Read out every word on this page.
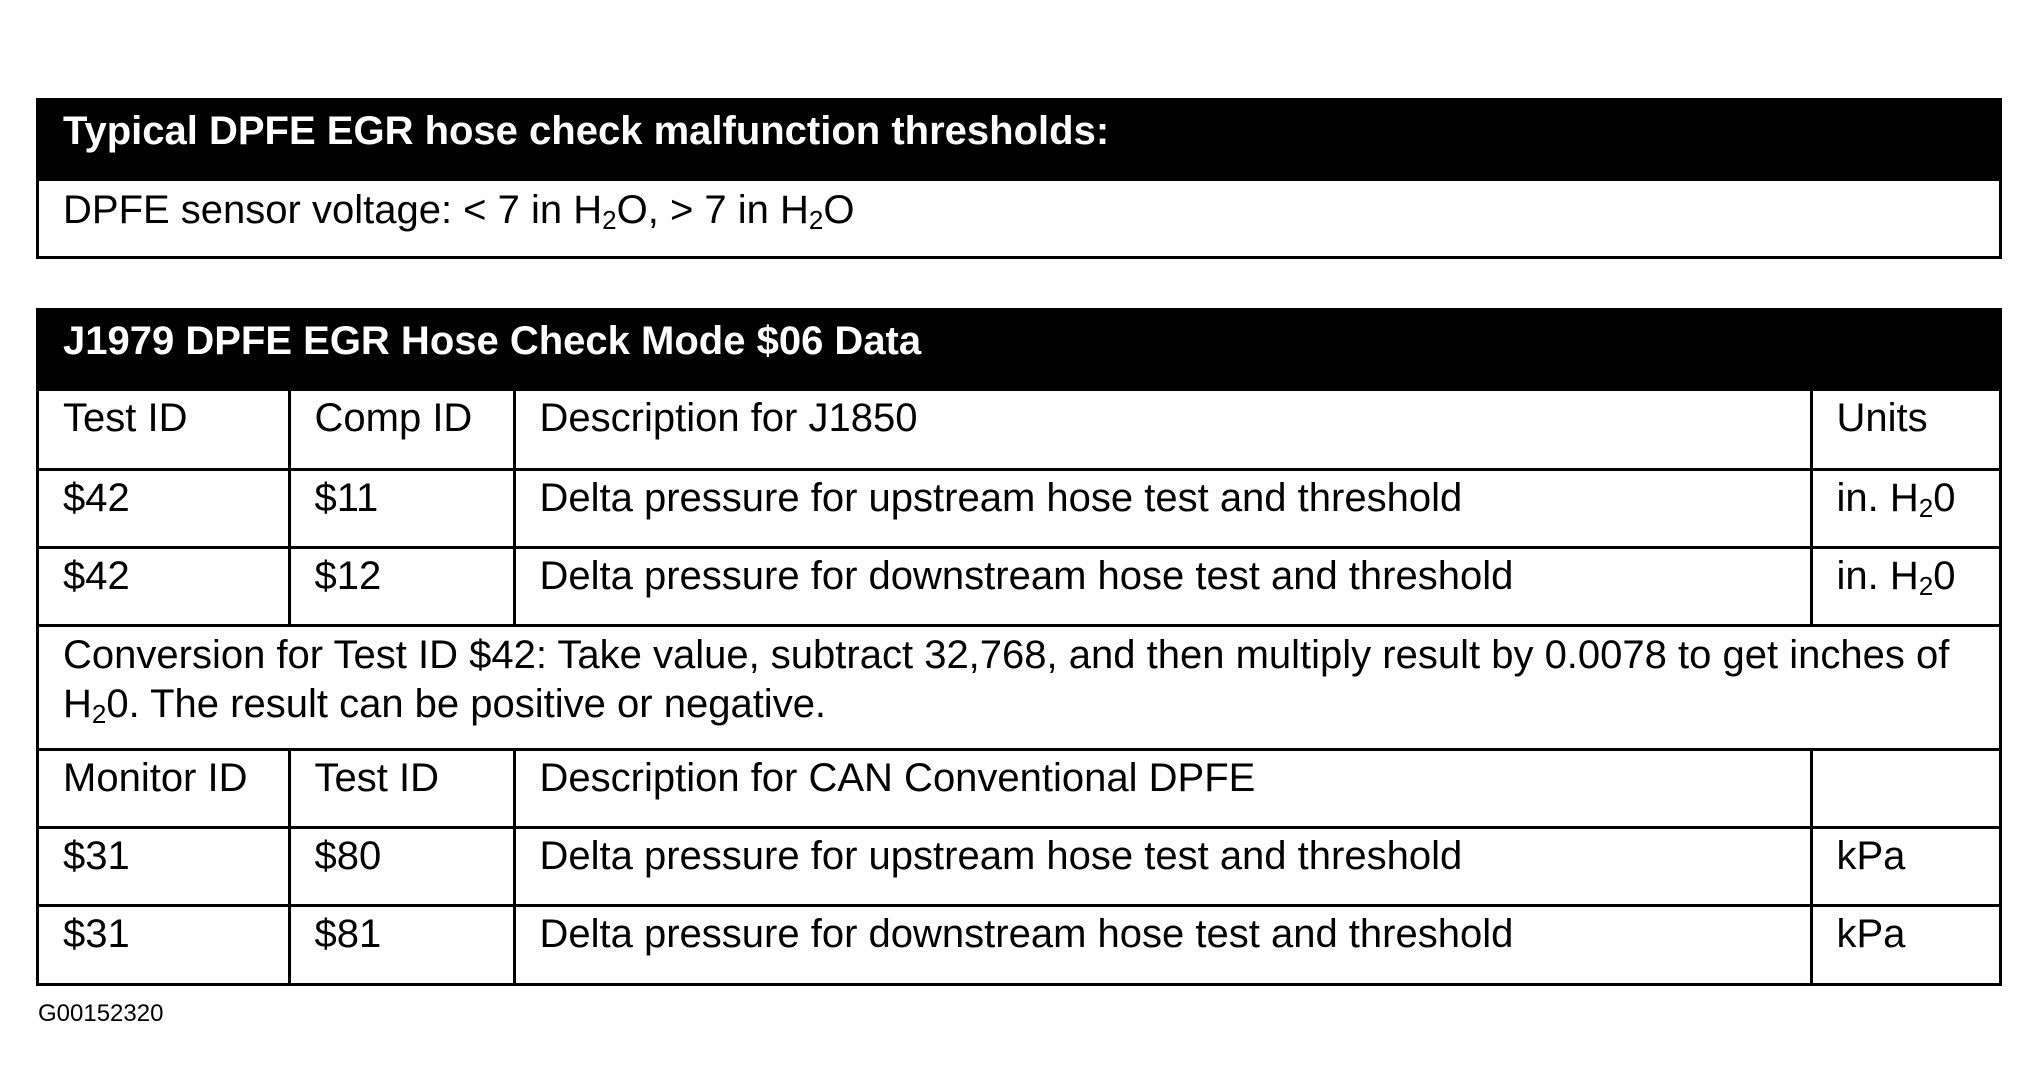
Typical DPFE EGR hose check malfunction thresholds:
DPFE sensor voltage: < 7 in $H_2O$, > 7 in $H_2O$
J1979 DPFE EGR Hose Check Mode $06 Data
Test ID	Comp ID	Description for J1850	Units
$42	$11	Delta pressure for upstream hose test and threshold	in. $H_20$
$42	$12	Delta pressure for downstream hose test and threshold	in. $H_20$
Conversion for Test ID $42: Take value, subtract 32,768, and then multiply result by 0.0078 to get inches of $H_20$. The result can be positive or negative.			
Monitor ID	Test ID	Description for CAN Conventional DPFE	
$31	$80	Delta pressure for upstream hose test and threshold	kPa
$31	$81	Delta pressure for downstream hose test and threshold	kPa
G00152320
